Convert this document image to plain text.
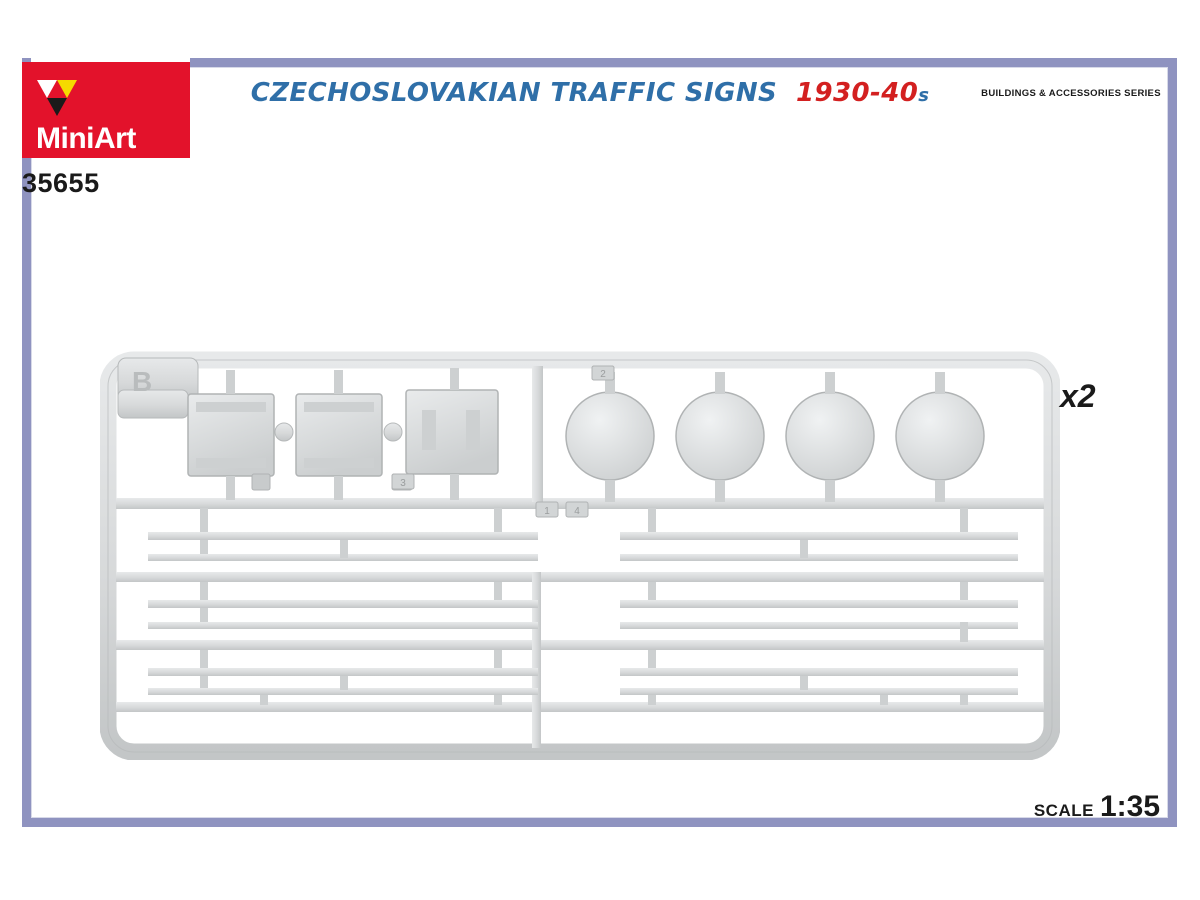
MiniArt
35655
CZECHOSLOVAKIAN TRAFFIC SIGNS 1930-40s	BUILDINGS & ACCESSORIES SERIES
2
3
1 4
B	x2
SCALE 1:35
